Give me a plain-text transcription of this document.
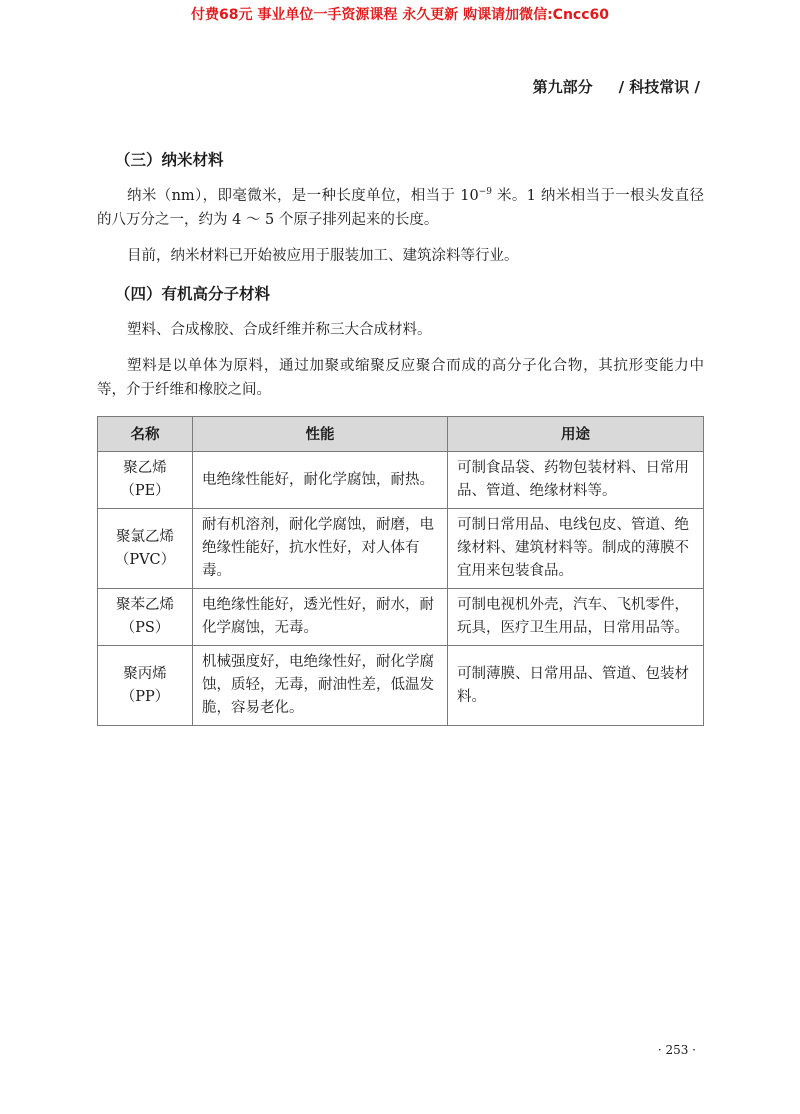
付费68元 事业单位一手资源课程 永久更新 购课请加微信:Cncc60
第九部分 / 科技常识 /
（三）纳米材料

纳米（nm），即毫微米，是一种长度单位，相当于 $10^{-9}$ 米。1 纳米相当于一根头发直径的八万分之一，约为 4 ～ 5 个原子排列起来的长度。

目前，纳米材料已开始被应用于服装加工、建筑涂料等行业。

（四）有机高分子材料

塑料、合成橡胶、合成纤维并称三大合成材料。

塑料是以单体为原料，通过加聚或缩聚反应聚合而成的高分子化合物，其抗形变能力中等，介于纤维和橡胶之间。

名称	性能	用途
聚乙烯
（PE）	电绝缘性能好，耐化学腐蚀，耐热。	可制食品袋、药物包装材料、日常用品、管道、绝缘材料等。
聚氯乙烯
（PVC）	耐有机溶剂，耐化学腐蚀，耐磨，电绝缘性能好，抗水性好，对人体有毒。	可制日常用品、电线包皮、管道、绝缘材料、建筑材料等。制成的薄膜不宜用来包装食品。
聚苯乙烯
（PS）	电绝缘性能好，透光性好，耐水，耐化学腐蚀，无毒。	可制电视机外壳，汽车、飞机零件，玩具，医疗卫生用品，日常用品等。
聚丙烯
（PP）	机械强度好，电绝缘性好，耐化学腐蚀，质轻，无毒，耐油性差，低温发脆，容易老化。	可制薄膜、日常用品、管道、包装材料。
· 253 ·
